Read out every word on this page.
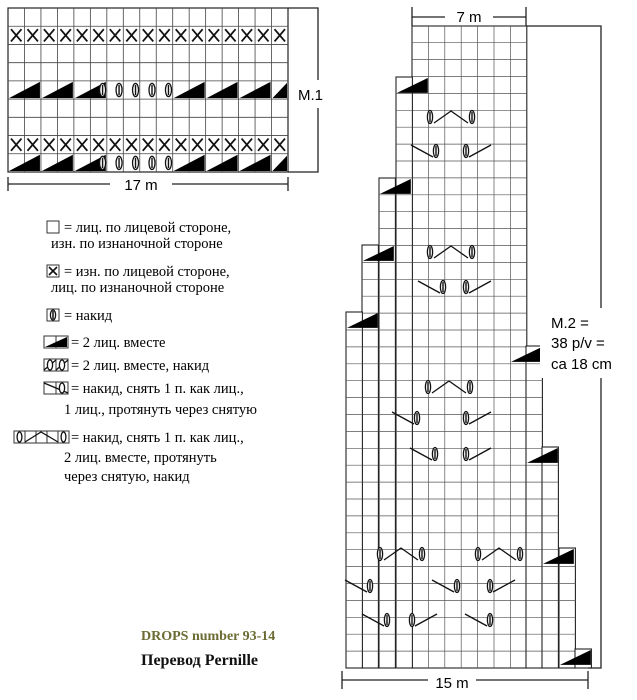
17 m
M.1
7 m
15 m
M.2 =
38 p/v =
ca 18 cm
= лиц. по лицевой стороне,
изн. по изнаночной стороне
= изн. по лицевой стороне,
лиц. по изнаночной стороне
= накид
= 2 лиц. вместе
= 2 лиц. вместе, накид
= накид, снять 1 п. как лиц.,
1 лиц., протянуть через снятую
= накид, снять 1 п. как лиц.,
2 лиц. вместе, протянуть
через снятую, накид
DROPS number 93-14
Перевод Pernille
